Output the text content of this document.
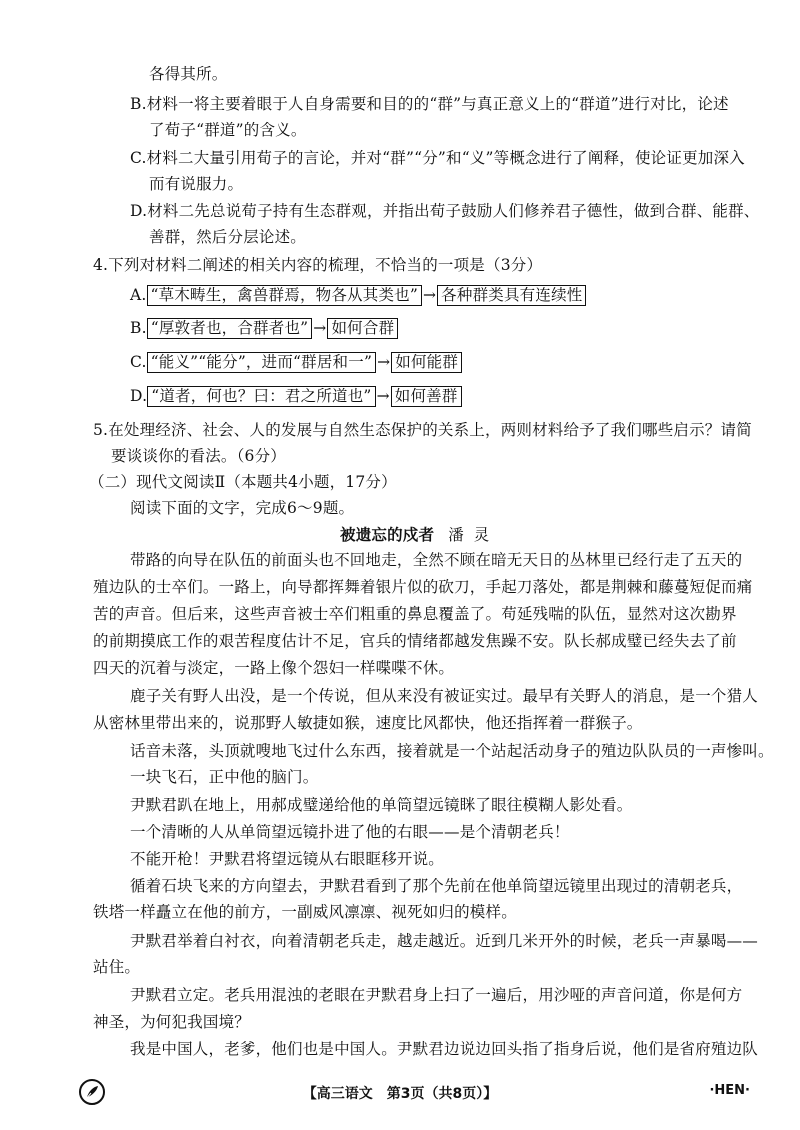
各得其所。
B.材料一将主要着眼于人自身需要和目的的“群”与真正意义上的“群道”进行对比，论述
了荀子“群道”的含义。
C.材料二大量引用荀子的言论，并对“群”“分”和“义”等概念进行了阐释，使论证更加深入
而有说服力。
D.材料二先总说荀子持有生态群观，并指出荀子鼓励人们修养君子德性，做到合群、能群、
善群，然后分层论述。
4.下列对材料二阐述的相关内容的梳理，不恰当的一项是（3分）
A. “草木畴生，禽兽群焉，物各从其类也” → 各种群类具有连续性
B. “厚敦者也，合群者也” → 如何合群
C. “能义”“能分”，进而“群居和一” → 如何能群
D. “道者，何也？曰：君之所道也” → 如何善群
5.在处理经济、社会、人的发展与自然生态保护的关系上，两则材料给予了我们哪些启示？请简
要谈谈你的看法。（6分）
（二）现代文阅读Ⅱ（本题共4小题，17分）
阅读下面的文字，完成6～9题。
被遗忘的戍者 潘灵
带路的向导在队伍的前面头也不回地走，全然不顾在暗无天日的丛林里已经行走了五天的
殖边队的士卒们。一路上，向导都挥舞着银片似的砍刀，手起刀落处，都是荆棘和藤蔓短促而痛
苦的声音。但后来，这些声音被士卒们粗重的鼻息覆盖了。苟延残喘的队伍，显然对这次勘界
的前期摸底工作的艰苦程度估计不足，官兵的情绪都越发焦躁不安。队长郝成璧已经失去了前
四天的沉着与淡定，一路上像个怨妇一样喋喋不休。
鹿子关有野人出没，是一个传说，但从来没有被证实过。最早有关野人的消息，是一个猎人
从密林里带出来的，说那野人敏捷如猴，速度比风都快，他还指挥着一群猴子。
话音未落，头顶就嗖地飞过什么东西，接着就是一个站起活动身子的殖边队队员的一声惨叫。
一块飞石，正中他的脑门。
尹默君趴在地上，用郝成璧递给他的单筒望远镜眯了眼往模糊人影处看。
一个清晰的人从单筒望远镜扑进了他的右眼——是个清朝老兵！
不能开枪！尹默君将望远镜从右眼眶移开说。
循着石块飞来的方向望去，尹默君看到了那个先前在他单筒望远镜里出现过的清朝老兵，
铁塔一样矗立在他的前方，一副威风凛凛、视死如归的模样。
尹默君举着白衬衣，向着清朝老兵走，越走越近。近到几米开外的时候，老兵一声暴喝——
站住。
尹默君立定。老兵用混浊的老眼在尹默君身上扫了一遍后，用沙哑的声音问道，你是何方
神圣，为何犯我国境？
我是中国人，老爹，他们也是中国人。尹默君边说边回头指了指身后说，他们是省府殖边队
【高三语文　第3页（共8页）】	·HEN·
